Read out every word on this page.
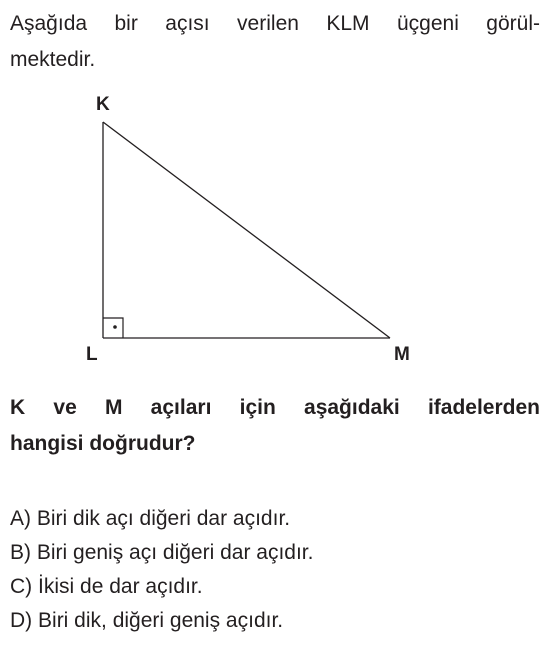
Aşağıda bir açısı verilen KLM üçgeni görül-
mektedir.
K
L	M
K ve M açıları için aşağıdaki ifadelerden
hangisi doğrudur?
A) Biri dik açı diğeri dar açıdır.
B) Biri geniş açı diğeri dar açıdır.
C) İkisi de dar açıdır.
D) Biri dik, diğeri geniş açıdır.
